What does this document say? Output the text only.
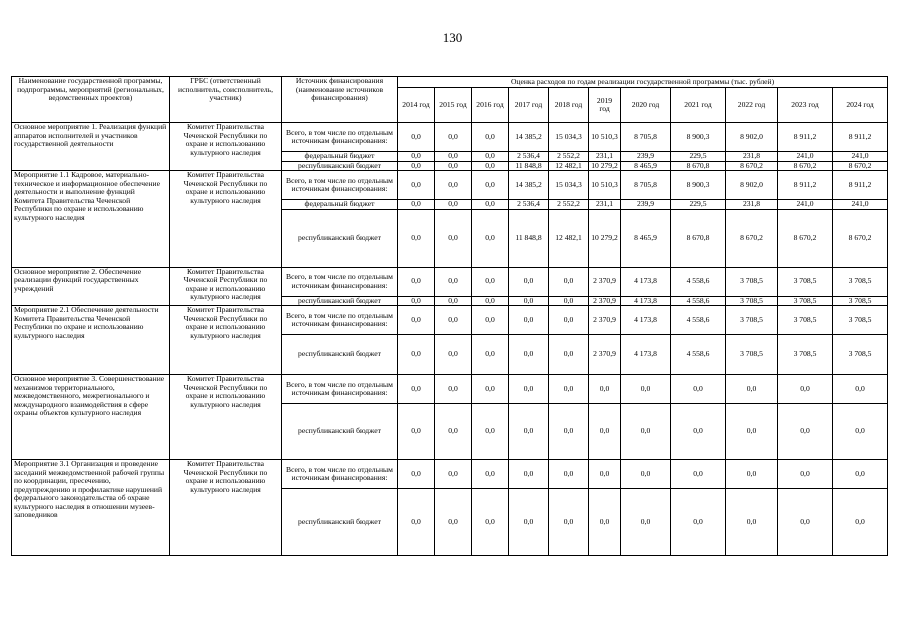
130
Наименование государственной программы, подпрограммы, мероприятий (региональных, ведомственных проектов)	ГРБС (ответственный исполнитель, соисполнитель, участник)	Источник финансирования (наименование источников финансирования)	Оценка расходов по годам реализации государственной программы (тыс. рублей)										
			2014 год	2015 год	2016 год	2017 год	2018 год	2019 год	2020 год	2021 год	2022 год	2023 год	2024 год
Основное мероприятие 1. Реализация функций аппаратов исполнителей и участников государственной деятельности	Комитет Правительства Чеченской Республики по охране и использованию культурного наследия	Всего, в том числе по отдельным источникам финансирования:	0,0	0,0	0,0	14 385,2	15 034,3	10 510,3	8 705,8	8 900,3	8 902,0	8 911,2	8 911,2
		федеральный бюджет	0,0	0,0	0,0	2 536,4	2 552,2	231,1	239,9	229,5	231,8	241,0	241,0
		республиканский бюджет	0,0	0,0	0,0	11 848,8	12 482,1	10 279,2	8 465,9	8 670,8	8 670,2	8 670,2	8 670,2
Мероприятие 1.1 Кадровое, материально-техническое и информационное обеспечение деятельности и выполнение функций Комитета Правительства Чеченской Республики по охране и использованию культурного наследия	Комитет Правительства Чеченской Республики по охране и использованию культурного наследия	Всего, в том числе по отдельным источникам финансирования:	0,0	0,0	0,0	14 385,2	15 034,3	10 510,3	8 705,8	8 900,3	8 902,0	8 911,2	8 911,2
		федеральный бюджет	0,0	0,0	0,0	2 536,4	2 552,2	231,1	239,9	229,5	231,8	241,0	241,0
		республиканский бюджет	0,0	0,0	0,0	11 848,8	12 482,1	10 279,2	8 465,9	8 670,8	8 670,2	8 670,2	8 670,2
Основное мероприятие 2. Обеспечение реализации функций государственных учреждений	Комитет Правительства Чеченской Республики по охране и использованию культурного наследия	Всего, в том числе по отдельным источникам финансирования:	0,0	0,0	0,0	0,0	0,0	2 370,9	4 173,8	4 558,6	3 708,5	3 708,5	3 708,5
		республиканский бюджет	0,0	0,0	0,0	0,0	0,0	2 370,9	4 173,8	4 558,6	3 708,5	3 708,5	3 708,5
Мероприятие 2.1 Обеспечение деятельности Комитета Правительства Чеченской Республики по охране и использованию культурного наследия	Комитет Правительства Чеченской Республики по охране и использованию культурного наследия	Всего, в том числе по отдельным источникам финансирования:	0,0	0,0	0,0	0,0	0,0	2 370,9	4 173,8	4 558,6	3 708,5	3 708,5	3 708,5
		республиканский бюджет	0,0	0,0	0,0	0,0	0,0	2 370,9	4 173,8	4 558,6	3 708,5	3 708,5	3 708,5
Основное мероприятие 3. Совершенствование механизмов территориального, межведомственного, межрегионального и международного взаимодействия в сфере охраны объектов культурного наследия	Комитет Правительства Чеченской Республики по охране и использованию культурного наследия	Всего, в том числе по отдельным источникам финансирования:	0,0	0,0	0,0	0,0	0,0	0,0	0,0	0,0	0,0	0,0	0,0
		республиканский бюджет	0,0	0,0	0,0	0,0	0,0	0,0	0,0	0,0	0,0	0,0	0,0
Мероприятие 3.1 Организация и проведение заседаний межведомственной рабочей группы по координации, пресечению, предупреждению и профилактике нарушений федерального законодательства об охране культурного наследия в отношении музеев-заповедников	Комитет Правительства Чеченской Республики по охране и использованию культурного наследия	Всего, в том числе по отдельным источникам финансирования:	0,0	0,0	0,0	0,0	0,0	0,0	0,0	0,0	0,0	0,0	0,0
		республиканский бюджет	0,0	0,0	0,0	0,0	0,0	0,0	0,0	0,0	0,0	0,0	0,0
